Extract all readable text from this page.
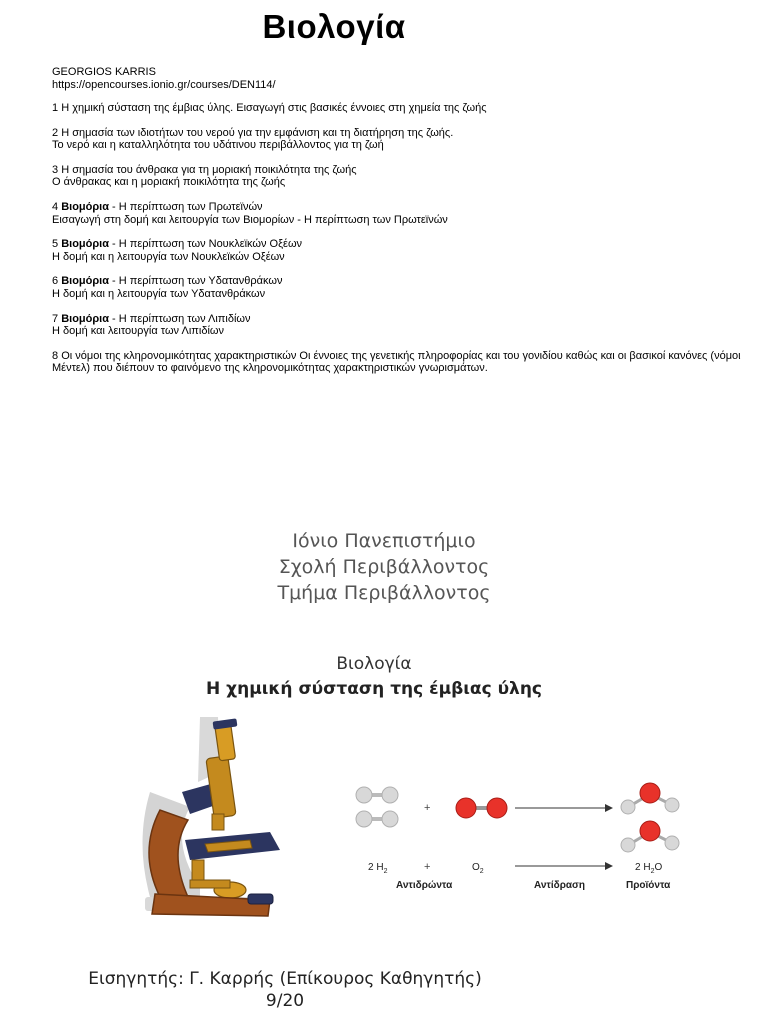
Βιολογία
GEORGIOS KARRIS
https://opencourses.ionio.gr/courses/DEN114/
1 Η χημική σύσταση της έμβιας ύλης. Εισαγωγή στις βασικές έννοιες στη χημεία της ζωής
2 Η σημασία των ιδιοτήτων του νερού για την εμφάνιση και τη διατήρηση της ζωής.
Το νερό και η καταλληλότητα του υδάτινου περιβάλλοντος για τη ζωή
3 Η σημασία του άνθρακα για τη μοριακή ποικιλότητα της ζωής
Ο άνθρακας και η μοριακή ποικιλότητα της ζωής
4 Βιομόρια - Η περίπτωση των Πρωτεϊνών
Εισαγωγή στη δομή και λειτουργία των Βιομορίων - Η περίπτωση των Πρωτεϊνών
5 Βιομόρια - Η περίπτωση των Νουκλεϊκών Οξέων
Η δομή και η λειτουργία των Νουκλεϊκών Οξέων
6 Βιομόρια - Η περίπτωση των Υδατανθράκων
Η δομή και η λειτουργία των Υδατανθράκων
7 Βιομόρια - Η περίπτωση των Λιπιδίων
Η δομή και λειτουργία των Λιπιδίων
8 Οι νόμοι της κληρονομικότητας χαρακτηριστικών Οι έννοιες της γενετικής πληροφορίας και του γονιδίου καθώς και οι βασικοί κανόνες (νόμοι Μέντελ) που διέπουν το φαινόμενο της κληρονομικότητας χαρακτηριστικών γνωρισμάτων.
Ιόνιο Πανεπιστήμιο
Σχολή Περιβάλλοντος
Τμήμα Περιβάλλοντος
Βιολογία
Η χημική σύσταση της έμβιας ύλης
+
2 $H_2$	+	$O_2$	2 $H_2O$
Αντιδρώντα	Αντίδραση	Προϊόντα
Εισηγητής: Γ. Καρρής (Επίκουρος Καθηγητής)
9/20
